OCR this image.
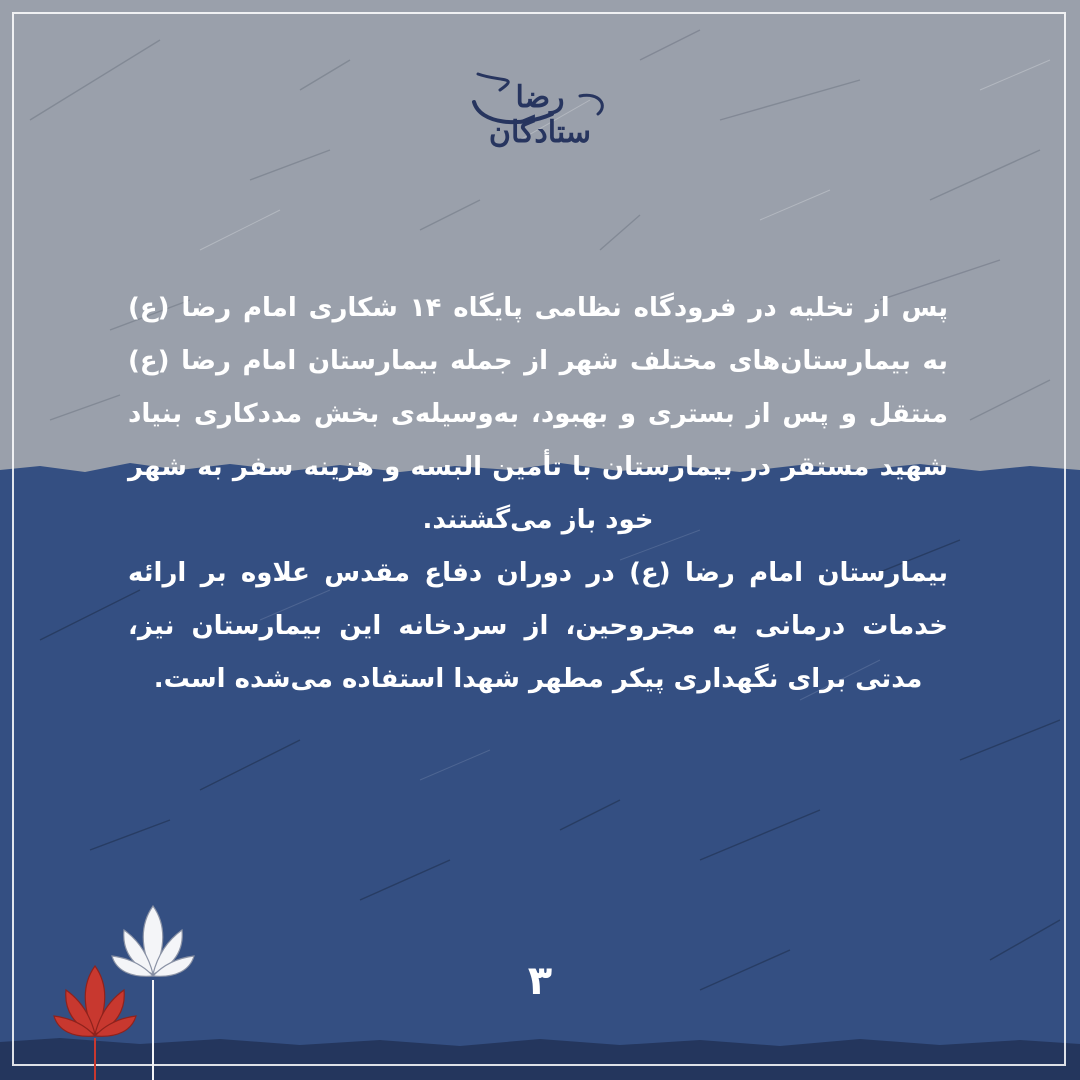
رضا ستادگان

پس از تخلیه در فرودگاه نظامی پایگاه ۱۴ شکاری امام رضا (ع) به بیمارستان‌های مختلف شهر از جمله بیمارستان امام رضا (ع) منتقل و پس از بستری و بهبود، به‌وسیله‌ی بخش مددکاری بنیاد شهید مستقر در بیمارستان با تأمین البسه و هزینه سفر به شهر خود باز می‌گشتند.

بیمارستان امام رضا (ع) در دوران دفاع مقدس علاوه بر ارائه خدمات درمانی به مجروحین، از سردخانه این بیمارستان نیز، مدتی برای نگهداری پیکر مطهر شهدا استفاده می‌شده است.

۳
